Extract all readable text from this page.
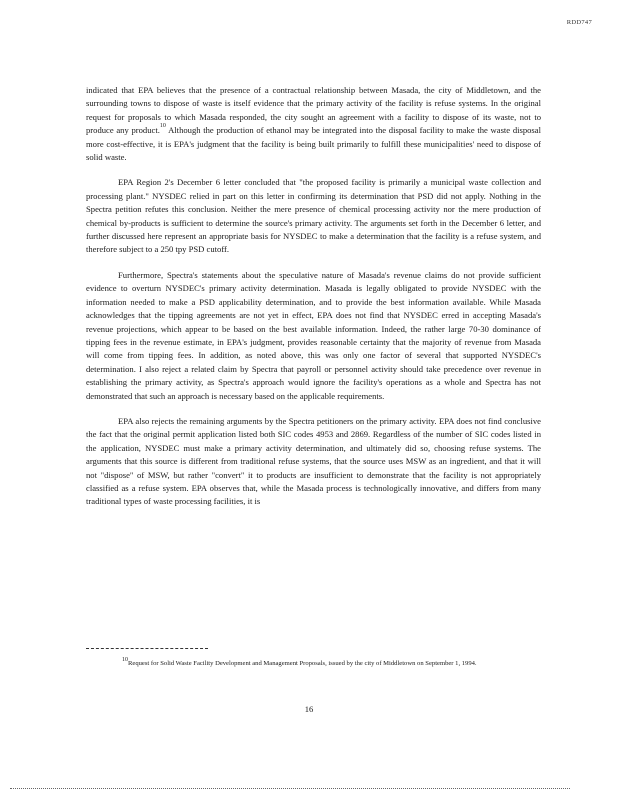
RDD747

indicated that EPA believes that the presence of a contractual relationship between Masada, the city of Middletown, and the surrounding towns to dispose of waste is itself evidence that the primary activity of the facility is refuse systems. In the original request for proposals to which Masada responded, the city sought an agreement with a facility to dispose of its waste, not to produce any product.$^{10}$ Although the production of ethanol may be integrated into the disposal facility to make the waste disposal more cost-effective, it is EPA's judgment that the facility is being built primarily to fulfill these municipalities' need to dispose of solid waste.

EPA Region 2's December 6 letter concluded that "the proposed facility is primarily a municipal waste collection and processing plant." NYSDEC relied in part on this letter in confirming its determination that PSD did not apply. Nothing in the Spectra petition refutes this conclusion. Neither the mere presence of chemical processing activity nor the mere production of chemical by-products is sufficient to determine the source's primary activity. The arguments set forth in the December 6 letter, and further discussed here represent an appropriate basis for NYSDEC to make a determination that the facility is a refuse system, and therefore subject to a 250 tpy PSD cutoff.

Furthermore, Spectra's statements about the speculative nature of Masada's revenue claims do not provide sufficient evidence to overturn NYSDEC's primary activity determination. Masada is legally obligated to provide NYSDEC with the information needed to make a PSD applicability determination, and to provide the best information available. While Masada acknowledges that the tipping agreements are not yet in effect, EPA does not find that NYSDEC erred in accepting Masada's revenue projections, which appear to be based on the best available information. Indeed, the rather large 70-30 dominance of tipping fees in the revenue estimate, in EPA's judgment, provides reasonable certainty that the majority of revenue from Masada will come from tipping fees. In addition, as noted above, this was only one factor of several that supported NYSDEC's determination. I also reject a related claim by Spectra that payroll or personnel activity should take precedence over revenue in establishing the primary activity, as Spectra's approach would ignore the facility's operations as a whole and Spectra has not demonstrated that such an approach is necessary based on the applicable requirements.

EPA also rejects the remaining arguments by the Spectra petitioners on the primary activity. EPA does not find conclusive the fact that the original permit application listed both SIC codes 4953 and 2869. Regardless of the number of SIC codes listed in the application, NYSDEC must make a primary activity determination, and ultimately did so, choosing refuse systems. The arguments that this source is different from traditional refuse systems, that the source uses MSW as an ingredient, and that it will not "dispose" of MSW, but rather "convert" it to products are insufficient to demonstrate that the facility is not appropriately classified as a refuse system. EPA observes that, while the Masada process is technologically innovative, and differs from many traditional types of waste processing facilities, it is

$^{10}$Request for Solid Waste Facility Development and Management Proposals, issued by the city of Middletown on September 1, 1994.
16
